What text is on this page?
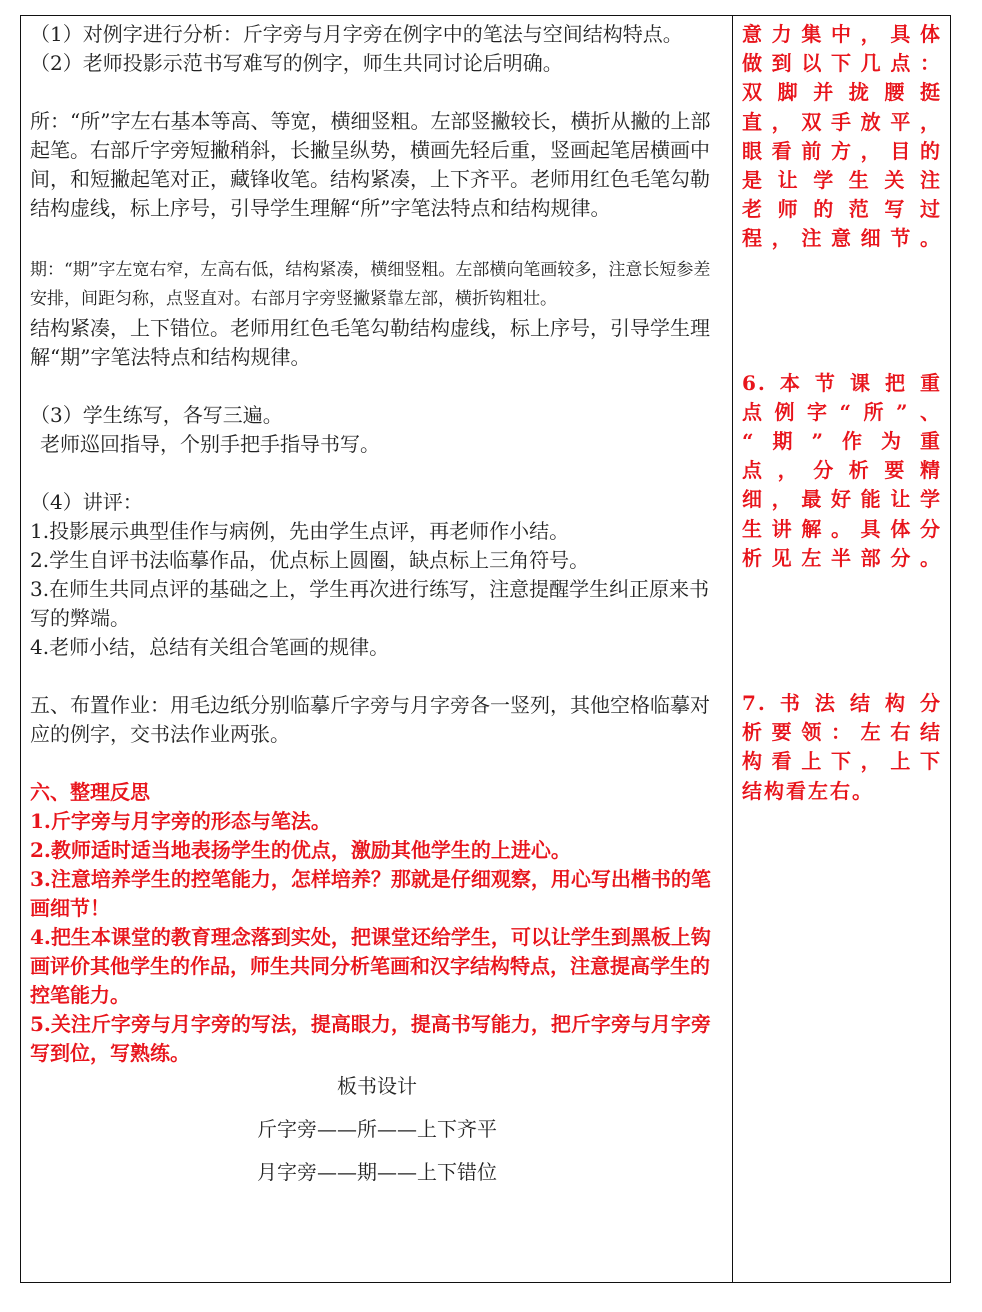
（1）对例字进行分析：斤字旁与月字旁在例字中的笔法与空间结构特点。

（2）老师投影示范书写难写的例字，师生共同讨论后明确。

所：“所”字左右基本等高、等宽，横细竖粗。左部竖撇较长，横折从撇的上部起笔。右部斤字旁短撇稍斜，长撇呈纵势，横画先轻后重，竖画起笔居横画中间，和短撇起笔对正，藏锋收笔。结构紧凑，上下齐平。老师用红色毛笔勾勒结构虚线，标上序号，引导学生理解“所”字笔法特点和结构规律。

期：“期”字左宽右窄，左高右低，结构紧凑，横细竖粗。左部横向笔画较多，注意长短参差安排，间距匀称，点竖直对。右部月字旁竖撇紧靠左部，横折钩粗壮。

结构紧凑，上下错位。老师用红色毛笔勾勒结构虚线，标上序号，引导学生理解“期”字笔法特点和结构规律。

（3）学生练写，各写三遍。

老师巡回指导，个别手把手指导书写。

（4）讲评：

1.投影展示典型佳作与病例，先由学生点评，再老师作小结。

2.学生自评书法临摹作品，优点标上圆圈，缺点标上三角符号。

3.在师生共同点评的基础之上，学生再次进行练写，注意提醒学生纠正原来书写的弊端。

4.老师小结，总结有关组合笔画的规律。

五、布置作业：用毛边纸分别临摹斤字旁与月字旁各一竖列，其他空格临摹对应的例字，交书法作业两张。

六、整理反思

1.斤字旁与月字旁的形态与笔法。

2.教师适时适当地表扬学生的优点，激励其他学生的上进心。

3.注意培养学生的控笔能力，怎样培养？那就是仔细观察，用心写出楷书的笔画细节！

4.把生本课堂的教育理念落到实处，把课堂还给学生，可以让学生到黑板上钩画评价其他学生的作品，师生共同分析笔画和汉字结构特点，注意提高学生的控笔能力。

5.关注斤字旁与月字旁的写法，提高眼力，提高书写能力，把斤字旁与月字旁写到位，写熟练。

板书设计

斤字旁——所——上下齐平

月字旁——期——上下错位

意力集中，具体

做到以下几点：

双脚并拢腰挺

直，双手放平，

眼看前方，目的

是让学生关注

老师的范写过

程，注意细节。

6.本节课把重

点例字“所”、

“期”作为重

点，分析要精

细，最好能让学

生讲解。具体分

析见左半部分。

7.书法结构分

析要领：左右结

构看上下，上下

结构看左右。
